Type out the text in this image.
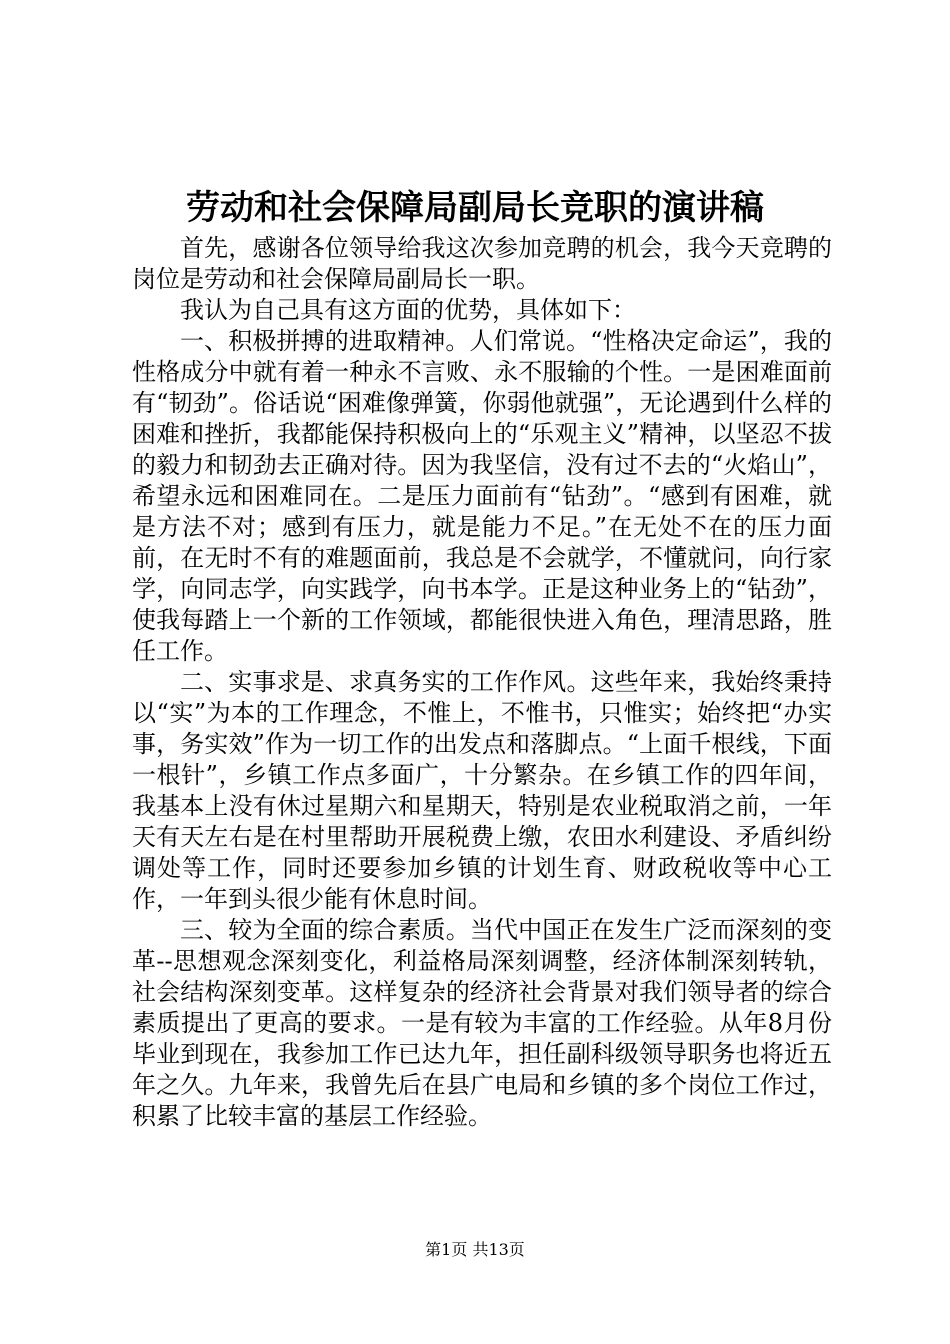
劳动和社会保障局副局长竞职的演讲稿

首先，感谢各位领导给我这次参加竞聘的机会，我今天竞聘的岗位是劳动和社会保障局副局长一职。

我认为自己具有这方面的优势，具体如下：

一、积极拼搏的进取精神。人们常说。“性格决定命运”，我的性格成分中就有着一种永不言败、永不服输的个性。一是困难面前有“韧劲”。俗话说“困难像弹簧，你弱他就强”，无论遇到什么样的困难和挫折，我都能保持积极向上的“乐观主义”精神，以坚忍不拔的毅力和韧劲去正确对待。因为我坚信，没有过不去的“火焰山”，希望永远和困难同在。二是压力面前有“钻劲”。“感到有困难，就是方法不对；感到有压力，就是能力不足。”在无处不在的压力面前，在无时不有的难题面前，我总是不会就学，不懂就问，向行家学，向同志学，向实践学，向书本学。正是这种业务上的“钻劲”，使我每踏上一个新的工作领域，都能很快进入角色，理清思路，胜任工作。

二、实事求是、求真务实的工作作风。这些年来，我始终秉持以“实”为本的工作理念，不惟上，不惟书，只惟实；始终把“办实事，务实效”作为一切工作的出发点和落脚点。“上面千根线，下面一根针”，乡镇工作点多面广，十分繁杂。在乡镇工作的四年间，我基本上没有休过星期六和星期天，特别是农业税取消之前，一年天有天左右是在村里帮助开展税费上缴，农田水利建设、矛盾纠纷调处等工作，同时还要参加乡镇的计划生育、财政税收等中心工作，一年到头很少能有休息时间。

三、较为全面的综合素质。当代中国正在发生广泛而深刻的变革--思想观念深刻变化，利益格局深刻调整，经济体制深刻转轨，社会结构深刻变革。这样复杂的经济社会背景对我们领导者的综合素质提出了更高的要求。一是有较为丰富的工作经验。从年8月份毕业到现在，我参加工作已达九年，担任副科级领导职务也将近五年之久。九年来，我曾先后在县广电局和乡镇的多个岗位工作过，积累了比较丰富的基层工作经验。

第1页 共13页
